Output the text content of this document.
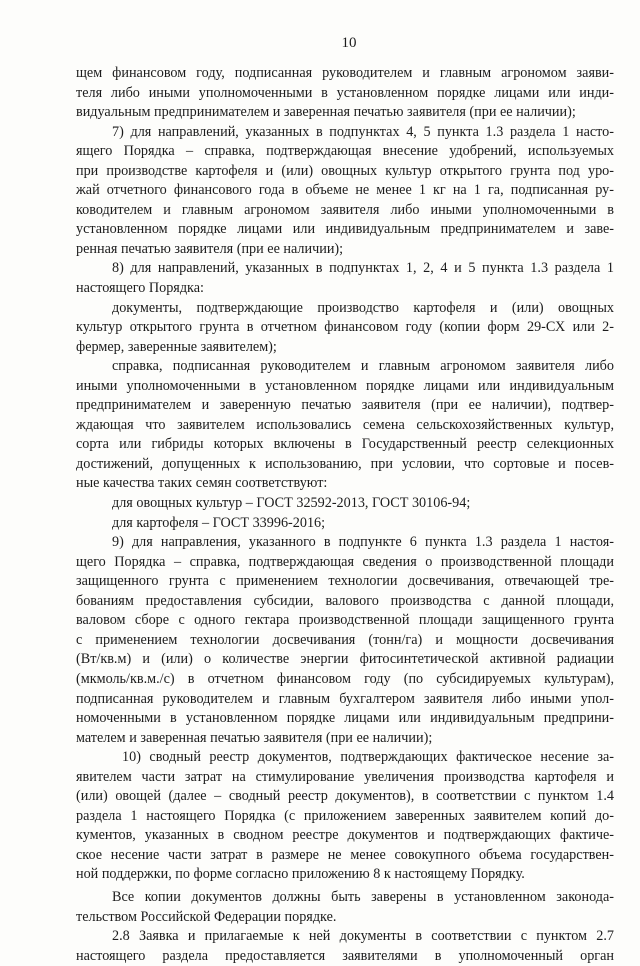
10

щем финансовом году, подписанная руководителем и главным агрономом заяви-
теля либо иными уполномоченными в установленном порядке лицами или инди-
видуальным предпринимателем и заверенная печатью заявителя (при ее наличии);

7) для направлений, указанных в подпунктах 4, 5 пункта 1.3 раздела 1 насто-
ящего Порядка – справка, подтверждающая внесение удобрений, используемых
при производстве картофеля и (или) овощных культур открытого грунта под уро-
жай отчетного финансового года в объеме не менее 1 кг на 1 га, подписанная ру-
ководителем и главным агрономом заявителя либо иными уполномоченными в
установленном порядке лицами или индивидуальным предпринимателем и заве-
ренная печатью заявителя (при ее наличии);

8) для направлений, указанных в подпунктах 1, 2, 4 и 5 пункта 1.3 раздела 1
настоящего Порядка:

документы, подтверждающие производство картофеля и (или) овощных
культур открытого грунта в отчетном финансовом году (копии форм 29-СХ или 2-
фермер, заверенные заявителем);

справка, подписанная руководителем и главным агрономом заявителя либо
иными уполномоченными в установленном порядке лицами или индивидуальным
предпринимателем и заверенную печатью заявителя (при ее наличии), подтвер-
ждающая что заявителем использовались семена сельскохозяйственных культур,
сорта или гибриды которых включены в Государственный реестр селекционных
достижений, допущенных к использованию, при условии, что сортовые и посев-
ные качества таких семян соответствуют:

для овощных культур – ГОСТ 32592-2013, ГОСТ 30106-94;

для картофеля – ГОСТ 33996-2016;

9) для направления, указанного в подпункте 6 пункта 1.3 раздела 1 настоя-
щего Порядка – справка, подтверждающая сведения о производственной площади
защищенного грунта с применением технологии досвечивания, отвечающей тре-
бованиям предоставления субсидии, валового производства с данной площади,
валовом сборе с одного гектара производственной площади защищенного грунта
с применением технологии досвечивания (тонн/га) и мощности досвечивания
(Вт/кв.м) и (или) о количестве энергии фитосинтетической активной радиации
(мкмоль/кв.м./с) в отчетном финансовом году (по субсидируемых культурам),
подписанная руководителем и главным бухгалтером заявителя либо иными упол-
номоченными в установленном порядке лицами или индивидуальным предприни-
мателем и заверенная печатью заявителя (при ее наличии);

10) сводный реестр документов, подтверждающих фактическое несение за-
явителем части затрат на стимулирование увеличения производства картофеля и
(или) овощей (далее – сводный реестр документов), в соответствии с пунктом 1.4
раздела 1 настоящего Порядка (с приложением заверенных заявителем копий до-
кументов, указанных в сводном реестре документов и подтверждающих фактиче-
ское несение части затрат в размере не менее совокупного объема государствен-
ной поддержки, по форме согласно приложению 8 к настоящему Порядку.

Все копии документов должны быть заверены в установленном законода-
тельством Российской Федерации порядке.

2.8 Заявка и прилагаемые к ней документы в соответствии с пунктом 2.7
настоящего раздела предоставляется заявителями в уполномоченный орган
